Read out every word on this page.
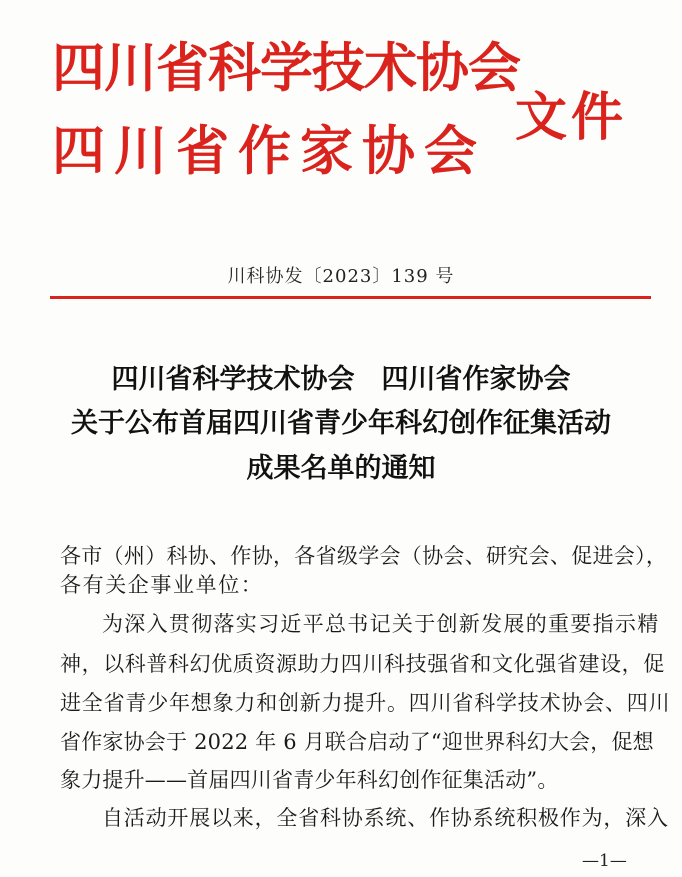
四川省科学技术协会
四川省作家协会
文件
川科协发〔2023〕139 号
四川省科学技术协会　四川省作家协会
关于公布首届四川省青少年科幻创作征集活动
成果名单的通知
各市（州）科协、作协，各省级学会（协会、研究会、促进会），
各有关企事业单位：
为深入贯彻落实习近平总书记关于创新发展的重要指示精
神，以科普科幻优质资源助力四川科技强省和文化强省建设，促
进全省青少年想象力和创新力提升。四川省科学技术协会、四川
省作家协会于 2022 年 6 月联合启动了“迎世界科幻大会，促想
象力提升——首届四川省青少年科幻创作征集活动”。
自活动开展以来，全省科协系统、作协系统积极作为，深入
—1—
